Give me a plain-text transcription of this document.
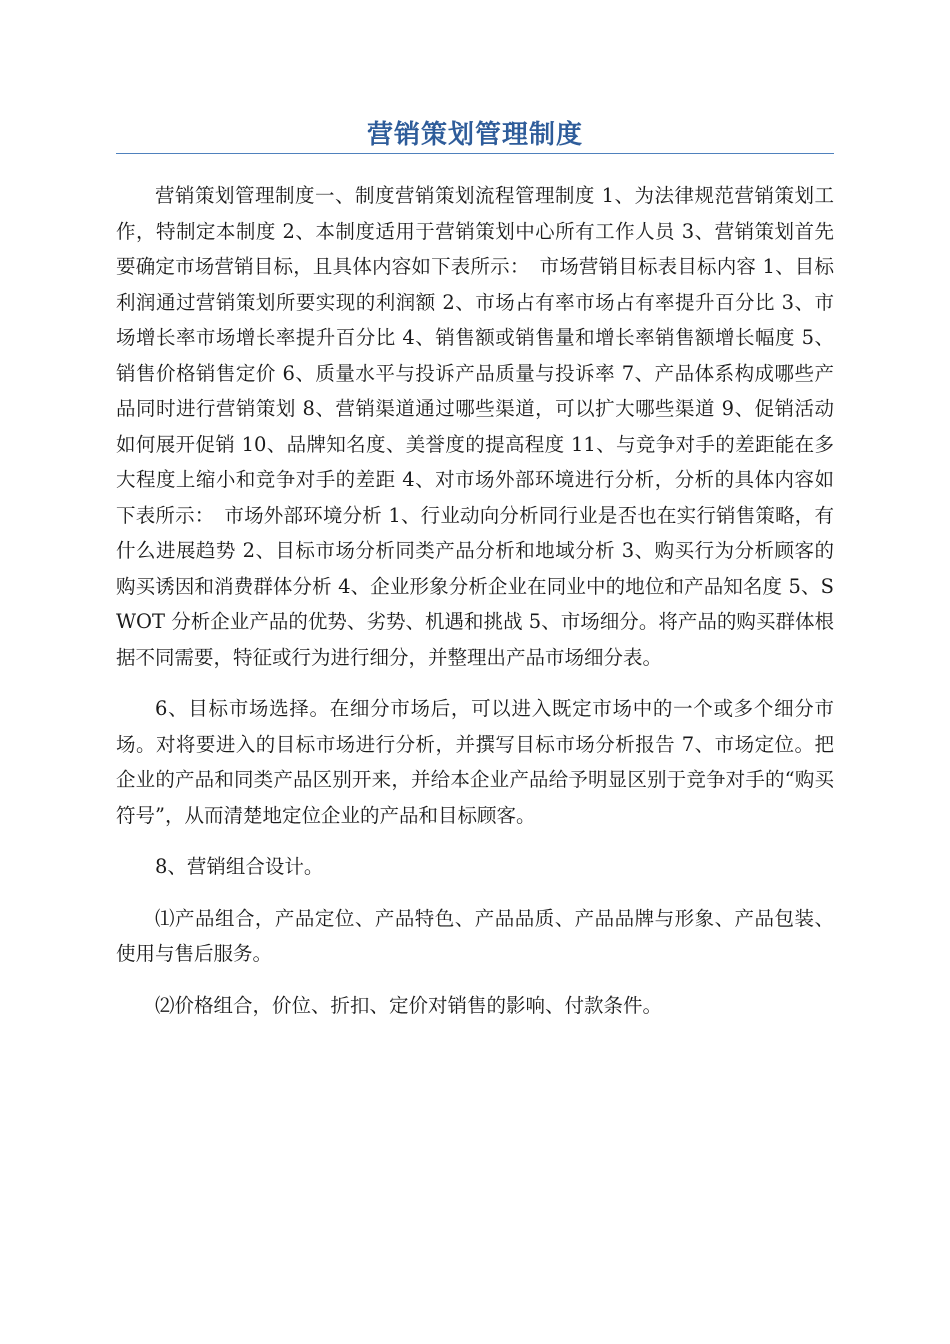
营销策划管理制度

营销策划管理制度一、制度营销策划流程管理制度 1、为法律规范营销策划工作，特制定本制度 2、本制度适用于营销策划中心所有工作人员 3、营销策划首先要确定市场营销目标，且具体内容如下表所示：　市场营销目标表目标内容 1、目标利润通过营销策划所要实现的利润额 2、市场占有率市场占有率提升百分比 3、市场增长率市场增长率提升百分比 4、销售额或销售量和增长率销售额增长幅度 5、销售价格销售定价 6、质量水平与投诉产品质量与投诉率 7、产品体系构成哪些产品同时进行营销策划 8、营销渠道通过哪些渠道，可以扩大哪些渠道 9、促销活动如何展开促销 10、品牌知名度、美誉度的提高程度 11、与竞争对手的差距能在多大程度上缩小和竞争对手的差距 4、对市场外部环境进行分析，分析的具体内容如下表所示：　市场外部环境分析 1、行业动向分析同行业是否也在实行销售策略，有什么进展趋势 2、目标市场分析同类产品分析和地域分析 3、购买行为分析顾客的购买诱因和消费群体分析 4、企业形象分析企业在同业中的地位和产品知名度 5、SWOT 分析企业产品的优势、劣势、机遇和挑战 5、市场细分。将产品的购买群体根据不同需要，特征或行为进行细分，并整理出产品市场细分表。

6、目标市场选择。在细分市场后，可以进入既定市场中的一个或多个细分市场。对将要进入的目标市场进行分析，并撰写目标市场分析报告 7、市场定位。把企业的产品和同类产品区别开来，并给本企业产品给予明显区别于竞争对手的“购买符号”，从而清楚地定位企业的产品和目标顾客。

8、营销组合设计。

⑴产品组合，产品定位、产品特色、产品品质、产品品牌与形象、产品包装、使用与售后服务。

⑵价格组合，价位、折扣、定价对销售的影响、付款条件。
